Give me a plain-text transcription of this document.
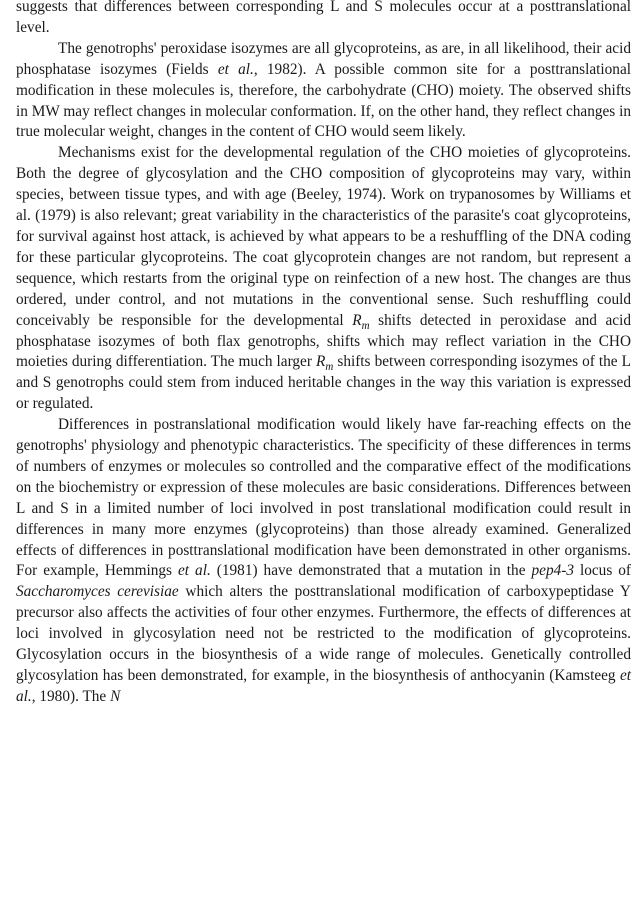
suggests that differences between corresponding L and S molecules occur at a posttranslational level.

The genotrophs' peroxidase isozymes are all glycoproteins, as are, in all likelihood, their acid phosphatase isozymes (Fields et al., 1982). A possible common site for a posttranslational modification in these molecules is, therefore, the carbohydrate (CHO) moiety. The observed shifts in MW may reflect changes in molecular conformation. If, on the other hand, they reflect changes in true molecular weight, changes in the content of CHO would seem likely.

Mechanisms exist for the developmental regulation of the CHO moieties of glycoproteins. Both the degree of glycosylation and the CHO composition of glycoproteins may vary, within species, between tissue types, and with age (Beeley, 1974). Work on trypanosomes by Williams et al. (1979) is also relevant; great variability in the characteristics of the parasite's coat glycoproteins, for survival against host attack, is achieved by what appears to be a reshuffling of the DNA coding for these particular glycoproteins. The coat glycoprotein changes are not random, but represent a sequence, which restarts from the original type on reinfection of a new host. The changes are thus ordered, under control, and not mutations in the conventional sense. Such reshuffling could conceivably be responsible for the developmental $R_m$ shifts detected in peroxidase and acid phosphatase isozymes of both flax genotrophs, shifts which may reflect variation in the CHO moieties during differentiation. The much larger $R_m$ shifts between corresponding isozymes of the L and S genotrophs could stem from induced heritable changes in the way this variation is expressed or regulated.

Differences in postranslational modification would likely have far-reaching effects on the genotrophs' physiology and phenotypic characteristics. The specificity of these differences in terms of numbers of enzymes or molecules so controlled and the comparative effect of the modifications on the biochemistry or expression of these molecules are basic considerations. Differences between L and S in a limited number of loci involved in post translational modification could result in differences in many more enzymes (glycoproteins) than those already examined. Generalized effects of differences in posttranslational modification have been demonstrated in other organisms. For example, Hemmings et al. (1981) have demonstrated that a mutation in the pep4-3 locus of Saccharomyces cerevisiae which alters the posttranslational modification of carboxypeptidase Y precursor also affects the activities of four other enzymes. Furthermore, the effects of differences at loci involved in glycosylation need not be restricted to the modification of glycoproteins. Glycosylation occurs in the biosynthesis of a wide range of molecules. Genetically controlled glycosylation has been demonstrated, for example, in the biosynthesis of anthocyanin (Kamsteeg et al., 1980). The N
